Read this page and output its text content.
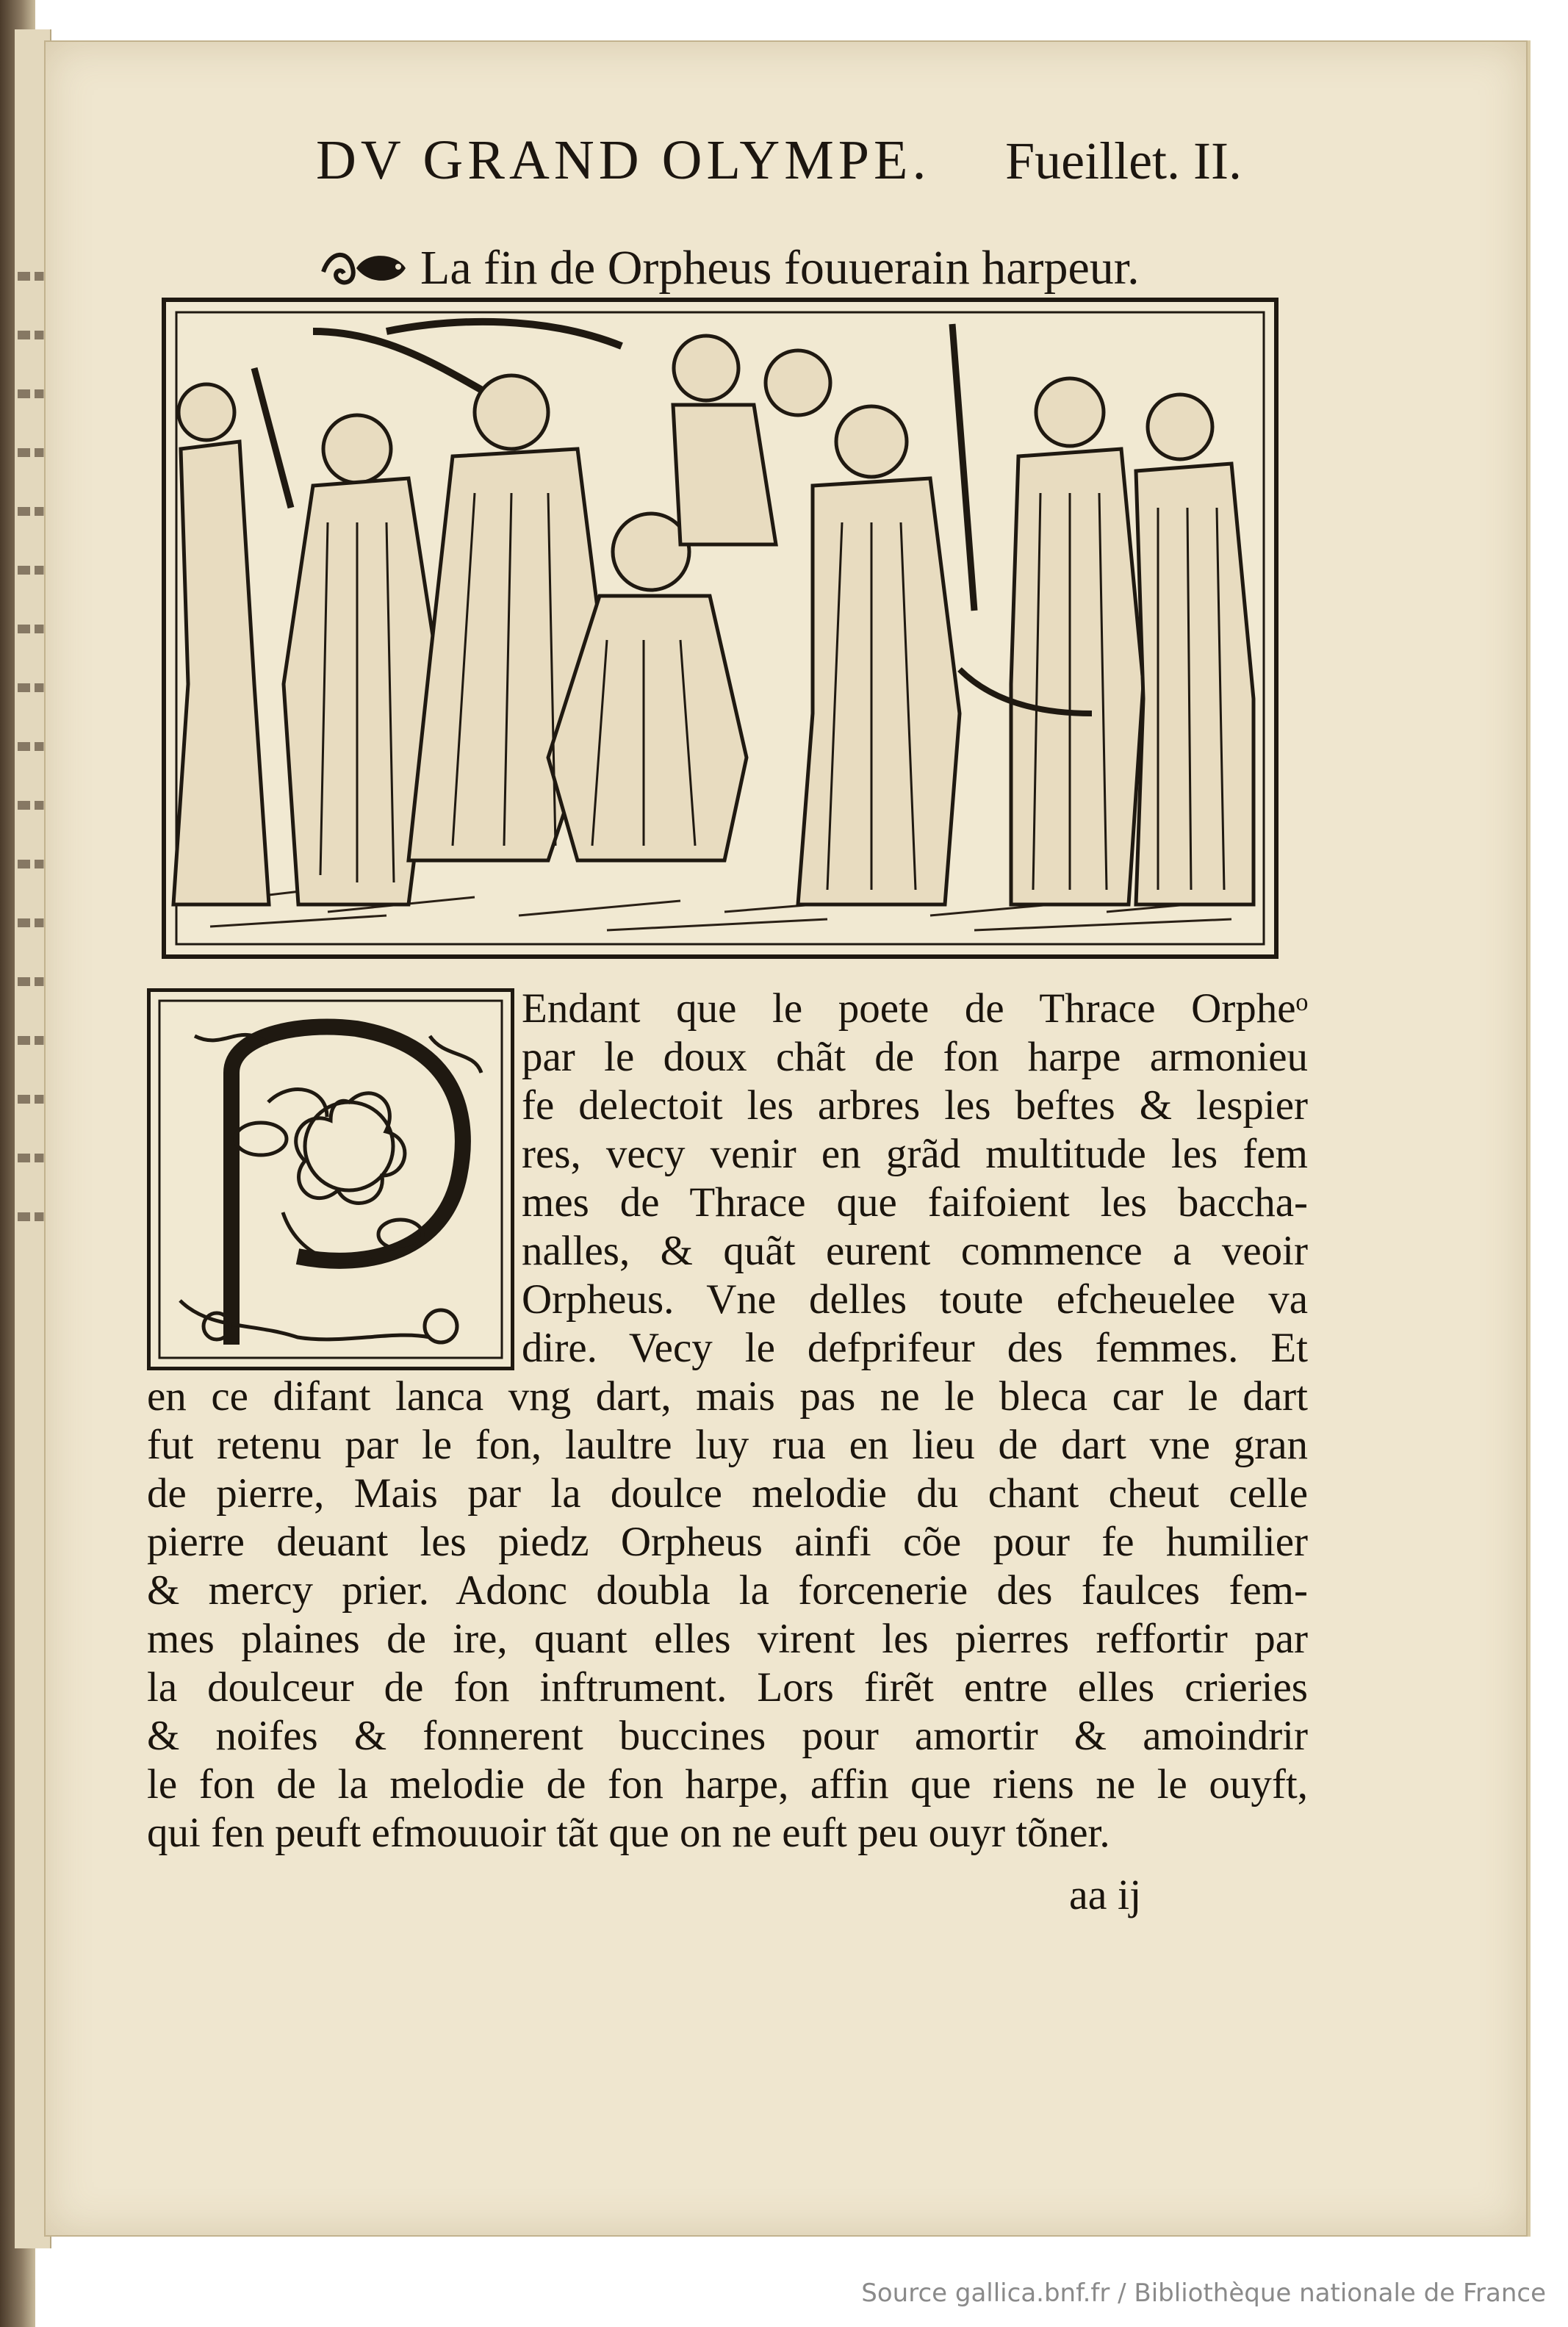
DV GRAND OLYMPE. Fueillet. II.
La fin de Orpheus fouuerain harpeur.
Endant que le poete de Thrace Orpheᵒ
par le doux chãt de fon harpe armonieu
fe delectoit les arbres les beftes & lespier
res, vecy venir en grãd multitude les fem
mes de Thrace que faifoient les baccha-
nalles, & quãt eurent commence a veoir
Orpheus. Vne delles toute efcheuelee va
dire. Vecy le defprifeur des femmes. Et
en ce difant lanca vng dart, mais pas ne le bleca car le dart
fut retenu par le fon, laultre luy rua en lieu de dart vne gran
de pierre, Mais par la doulce melodie du chant cheut celle
pierre deuant les piedz Orpheus ainfi cõe pour fe humilier
& mercy prier. Adonc doubla la forcenerie des faulces fem-
mes plaines de ire, quant elles virent les pierres reffortir par
la doulceur de fon inftrument. Lors firẽt entre elles crieries
& noifes & fonnerent buccines pour amortir & amoindrir
le fon de la melodie de fon harpe, affin que riens ne le ouyft,
qui fen peuft efmouuoir tãt que on ne euft peu ouyr tõner.
aa ij
Source gallica.bnf.fr / Bibliothèque nationale de France
